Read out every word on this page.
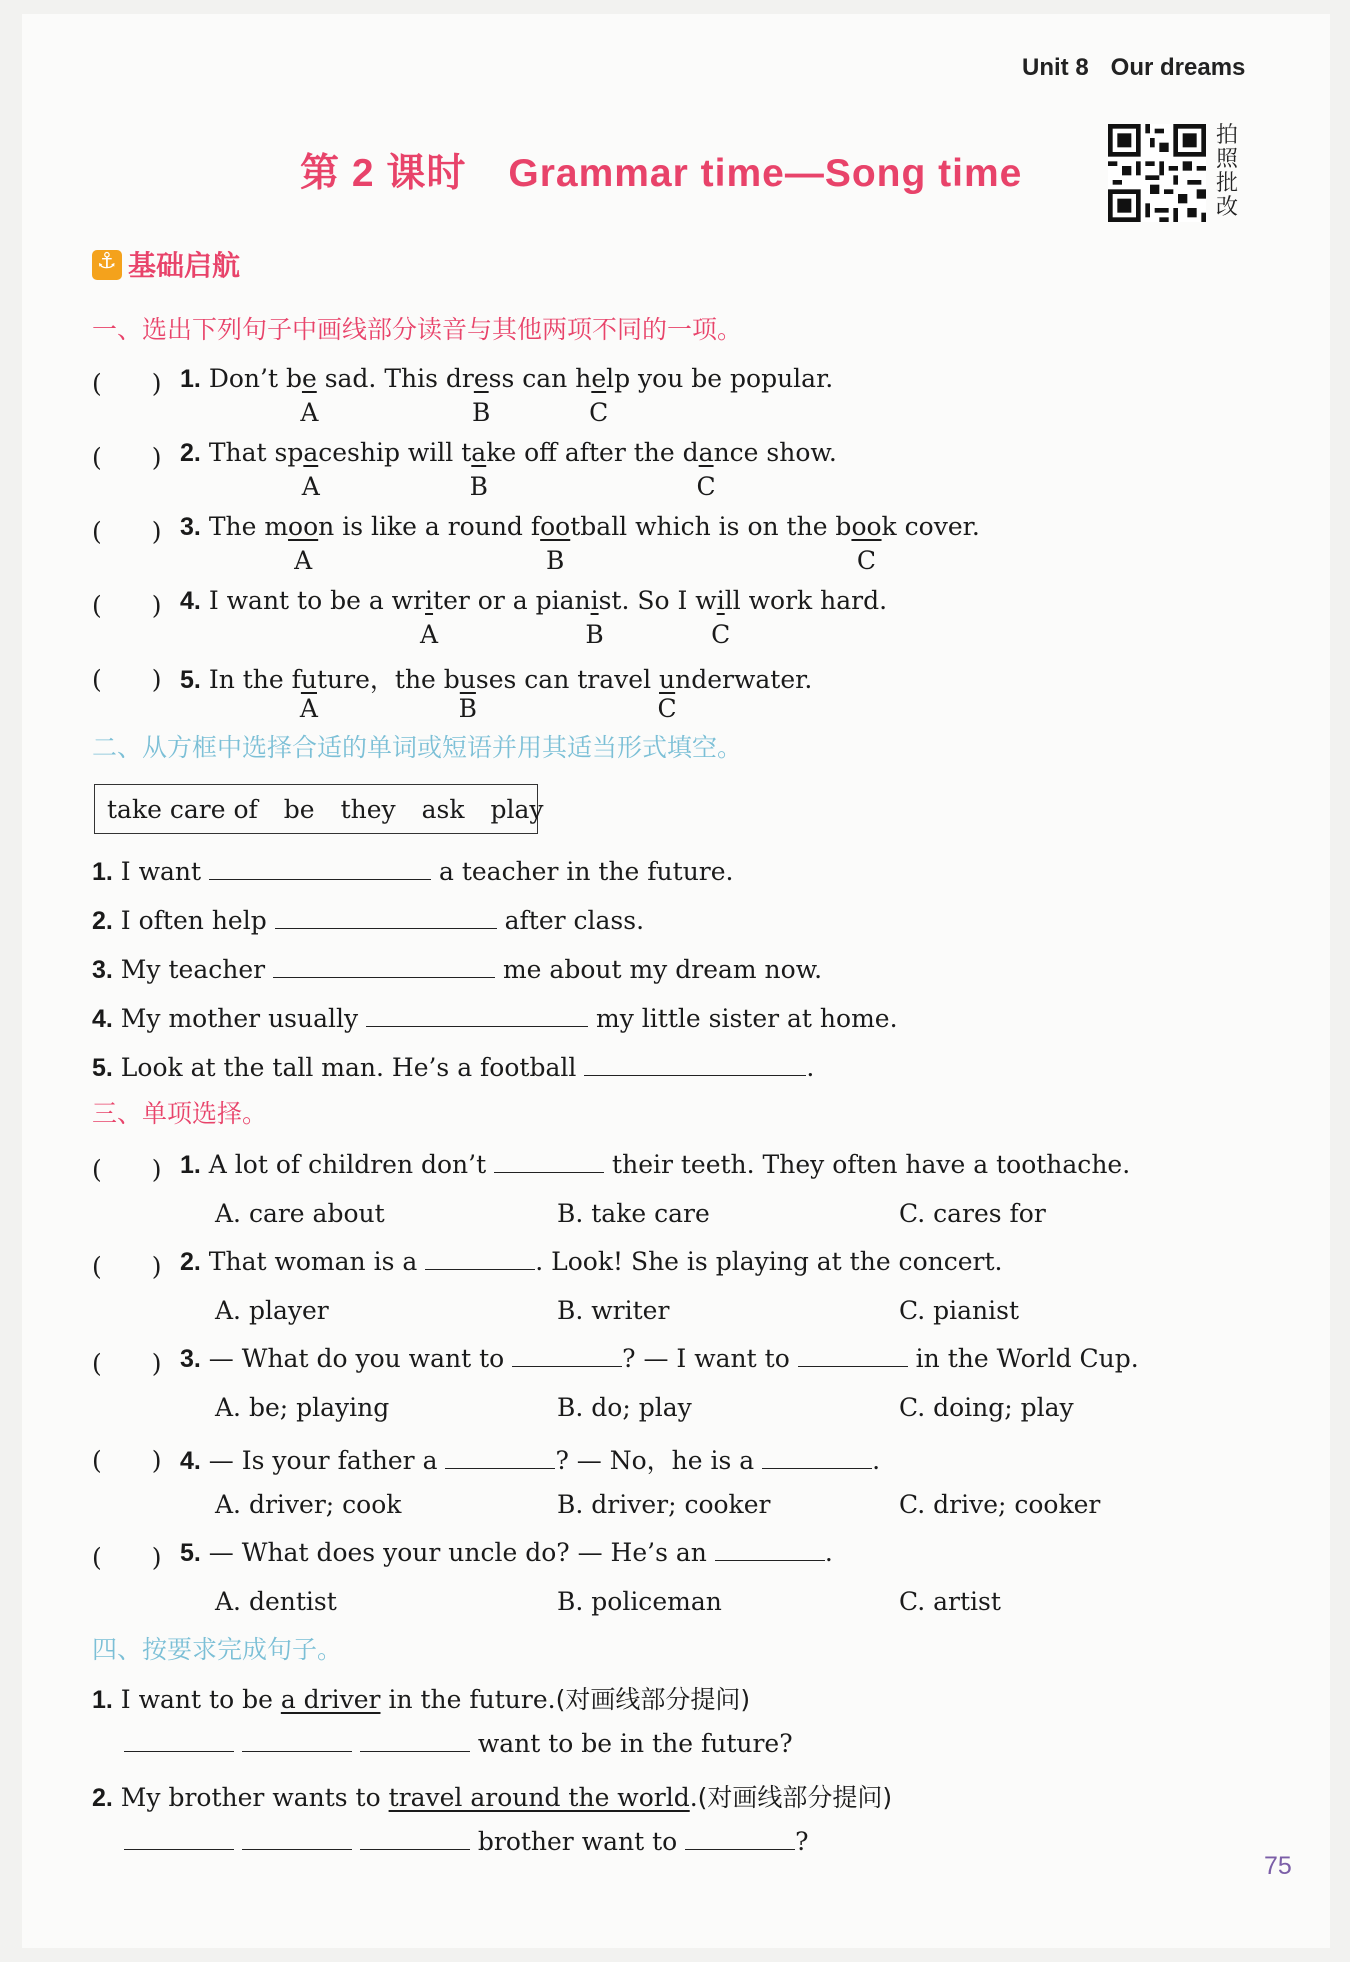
Unit 8 Our dreams
第 2 课时 Grammar time—Song time
拍照批改
⚓基础启航
一、选出下列句子中画线部分读音与其他两项不同的一项。
(　　) 1. Don’t be sad. This dress can help you be popular.
A	B	C
(　　) 2. That spaceship will take off after the dance show.
A	B	C
(　　) 3. The moon is like a round football which is on the book cover.
A	B	C
(　　) 4. I want to be a writer or a pianist. So I will work hard.
A	B	C
(　　) 5. In the future，the buses can travel underwater.
A	B	C
二、从方框中选择合适的单词或短语并用其适当形式填空。
take care of be they ask play
1. I want	a teacher in the future.
2. I often help	after class.
3. My teacher	me about my dream now.
4. My mother usually	my little sister at home.
5. Look at the tall man. He’s a football	.
三、单项选择。
(　　) 1. A lot of children don’t	their teeth. They often have a toothache.
A. care about	B. take care	C. cares for
(　　) 2. That woman is a	. Look! She is playing at the concert.
A. player	B. writer	C. pianist
(　　) 3. — What do you want to	? — I want to	in the World Cup.
A. be; playing	B. do; play	C. doing; play
(　　) 4. — Is your father a	? — No，he is a	.
A. driver; cook	B. driver; cooker	C. drive; cooker
(　　) 5. — What does your uncle do? — He’s an	.
A. dentist	B. policeman	C. artist
四、按要求完成句子。
1. I want to be a driver in the future.(对画线部分提问)
want to be in the future?
2. My brother wants to travel around the world.(对画线部分提问)
brother want to	?
75
